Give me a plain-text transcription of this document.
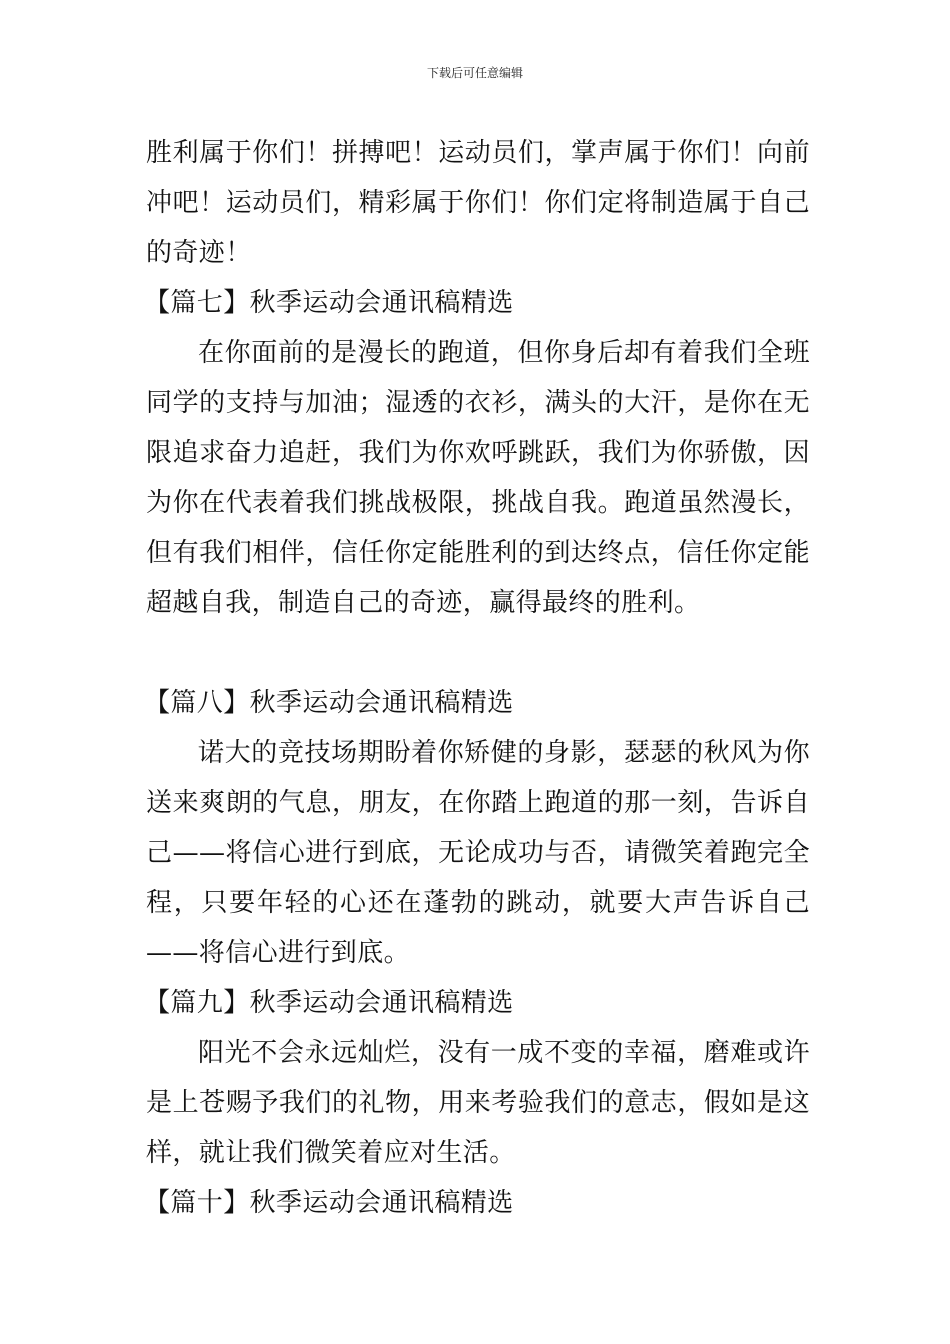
下载后可任意编辑

胜利属于你们！拼搏吧！运动员们，掌声属于你们！向前冲吧！运动员们，精彩属于你们！你们定将制造属于自己的奇迹！

【篇七】秋季运动会通讯稿精选

在你面前的是漫长的跑道，但你身后却有着我们全班同学的支持与加油；湿透的衣衫，满头的大汗，是你在无限追求奋力追赶，我们为你欢呼跳跃，我们为你骄傲，因为你在代表着我们挑战极限，挑战自我。跑道虽然漫长，但有我们相伴，信任你定能胜利的到达终点，信任你定能超越自我，制造自己的奇迹，赢得最终的胜利。

【篇八】秋季运动会通讯稿精选

诺大的竞技场期盼着你矫健的身影，瑟瑟的秋风为你送来爽朗的气息，朋友，在你踏上跑道的那一刻，告诉自己——将信心进行到底，无论成功与否，请微笑着跑完全程，只要年轻的心还在蓬勃的跳动，就要大声告诉自己——将信心进行到底。

【篇九】秋季运动会通讯稿精选

阳光不会永远灿烂，没有一成不变的幸福，磨难或许是上苍赐予我们的礼物，用来考验我们的意志，假如是这样，就让我们微笑着应对生活。

【篇十】秋季运动会通讯稿精选
